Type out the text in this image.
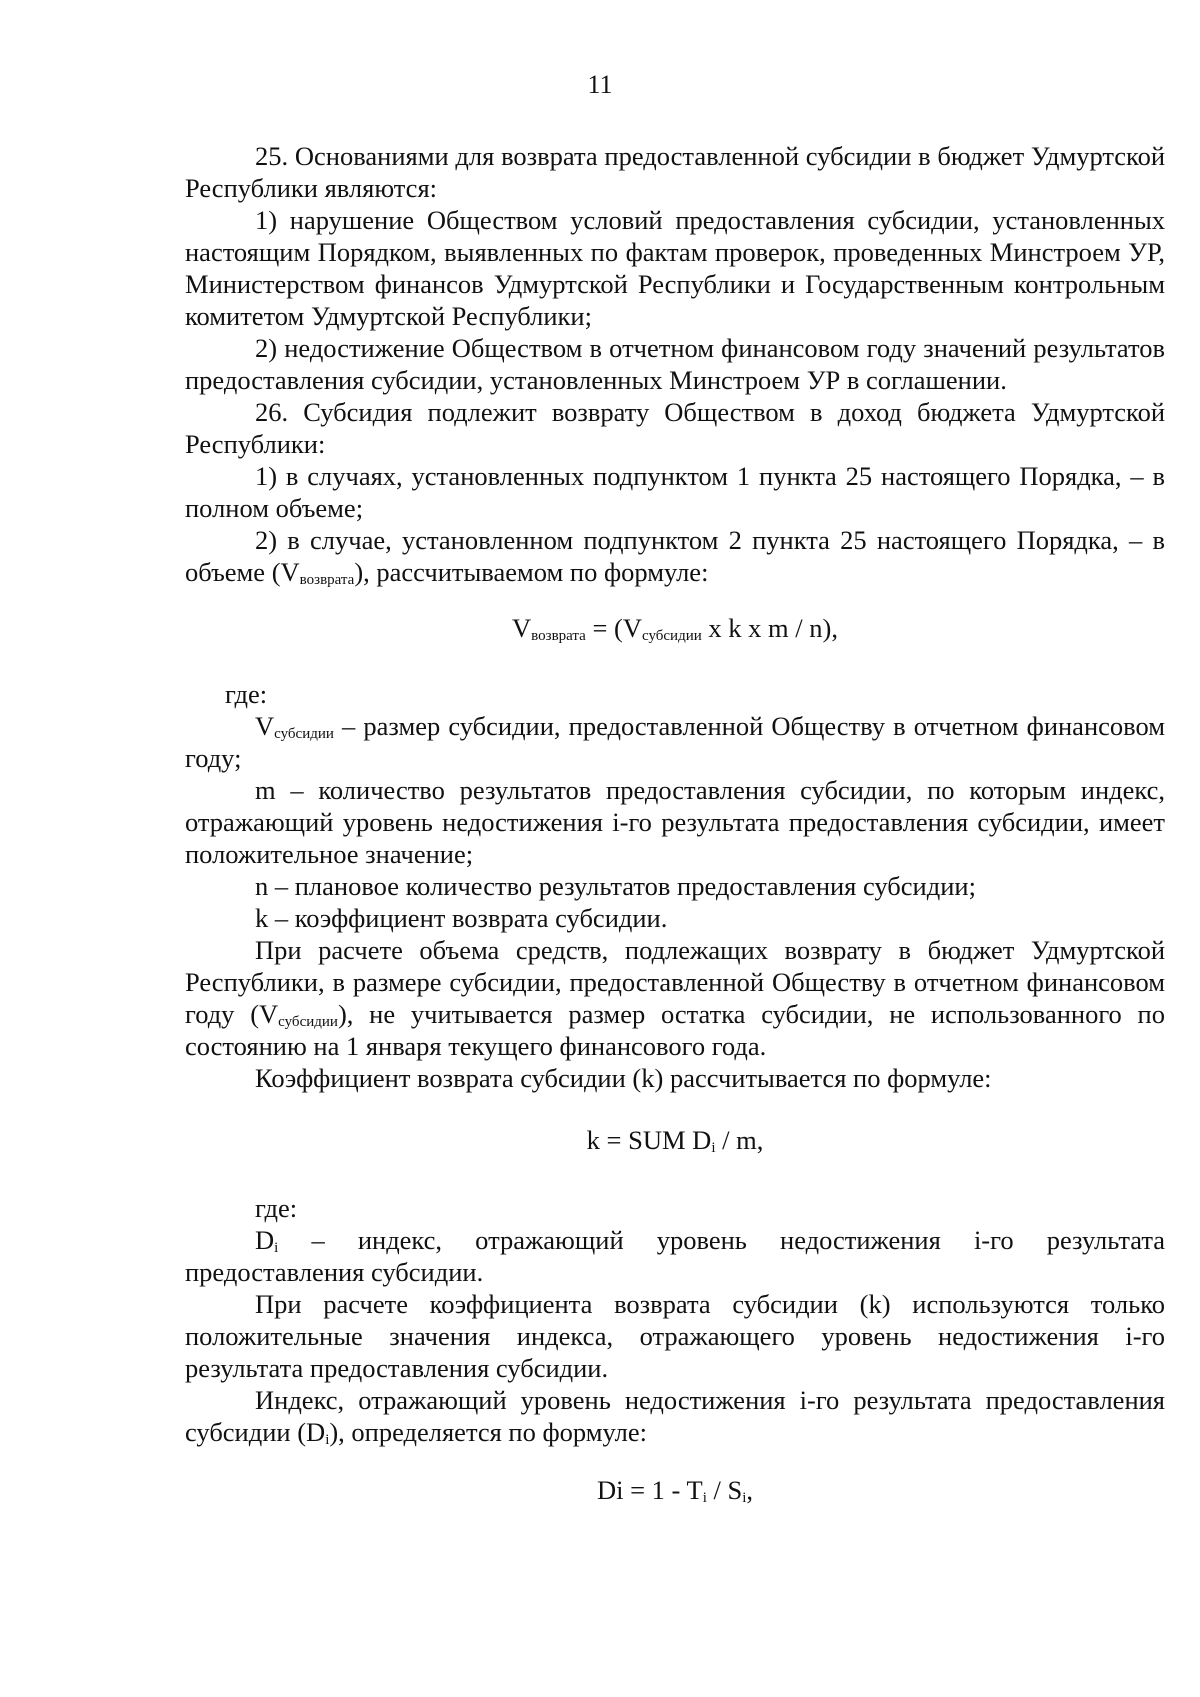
11

25. Основаниями для возврата предоставленной субсидии в бюджет Удмуртской Республики являются:

1) нарушение Обществом условий предоставления субсидии, установленных настоящим Порядком, выявленных по фактам проверок, проведенных Минстроем УР, Министерством финансов Удмуртской Республики и Государственным контрольным комитетом Удмуртской Республики;

2) недостижение Обществом в отчетном финансовом году значений результатов предоставления субсидии, установленных Минстроем УР в соглашении.

26. Субсидия подлежит возврату Обществом в доход бюджета Удмуртской Республики:

1) в случаях, установленных подпунктом 1 пункта 25 настоящего Порядка, – в полном объеме;

2) в случае, установленном подпунктом 2 пункта 25 настоящего Порядка, – в объеме $(V_{возврата})$, рассчитываемом по формуле:

$V_{возврата} = (V_{субсидии}$ x k x m / n),

где:

$V_{субсидии}$ – размер субсидии, предоставленной Обществу в отчетном финансовом году;

m – количество результатов предоставления субсидии, по которым индекс, отражающий уровень недостижения i-го результата предоставления субсидии, имеет положительное значение;

n – плановое количество результатов предоставления субсидии;

k – коэффициент возврата субсидии.

При расчете объема средств, подлежащих возврату в бюджет Удмуртской Республики, в размере субсидии, предоставленной Обществу в отчетном финансовом году $(V_{субсидии})$, не учитывается размер остатка субсидии, не использованного по состоянию на 1 января текущего финансового года.

Коэффициент возврата субсидии (k) рассчитывается по формуле:

k = SUM $D_i$ / m,

где:

$D_i$ – индекс, отражающий уровень недостижения i-го результата предоставления субсидии.

При расчете коэффициента возврата субсидии (k) используются только положительные значения индекса, отражающего уровень недостижения i-го результата предоставления субсидии.

Индекс, отражающий уровень недостижения i-го результата предоставления субсидии $(D_i)$, определяется по формуле:

$Di = 1 - T_i / S_i$,
